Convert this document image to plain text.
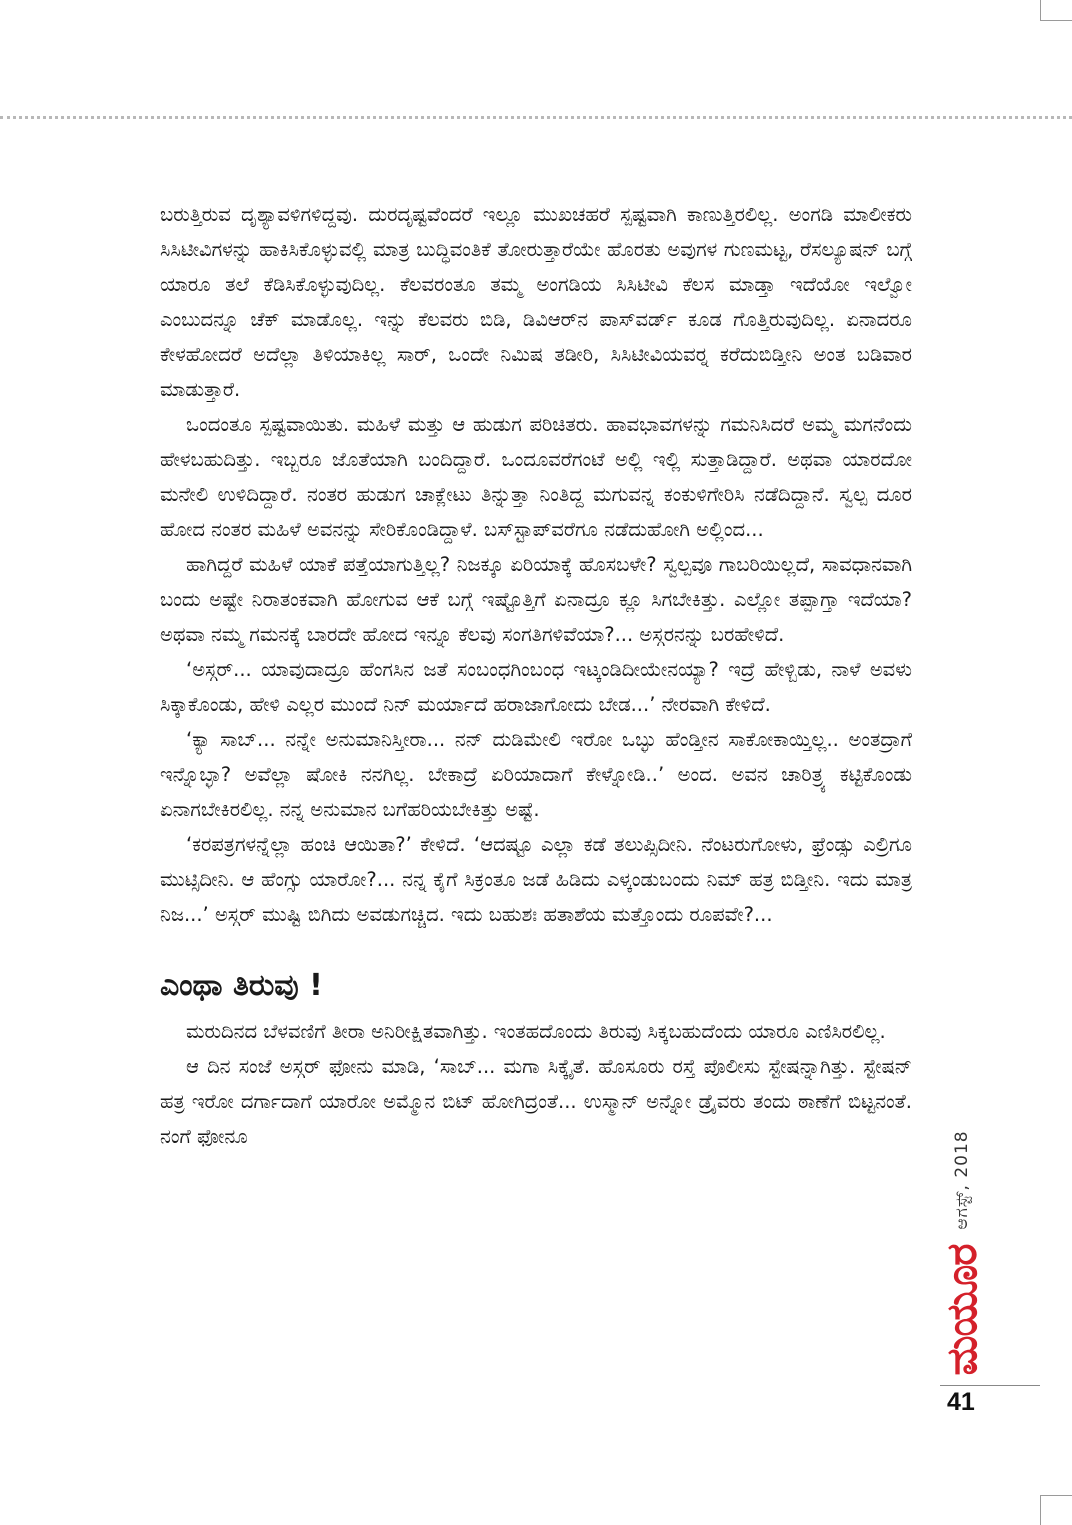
ಬರುತ್ತಿರುವ ದೃಶ್ಯಾವಳಿಗಳಿದ್ದವು. ದುರದೃಷ್ಟವೆಂದರೆ ಇಲ್ಲೂ ಮುಖಚಹರೆ ಸ್ಪಷ್ಟವಾಗಿ ಕಾಣುತ್ತಿರಲಿಲ್ಲ. ಅಂಗಡಿ ಮಾಲೀಕರು ಸಿಸಿಟೀವಿಗಳನ್ನು ಹಾಕಿಸಿಕೊಳ್ಳುವಲ್ಲಿ ಮಾತ್ರ ಬುದ್ಧಿವಂತಿಕೆ ತೋರುತ್ತಾರೆಯೇ ಹೊರತು ಅವುಗಳ ಗುಣಮಟ್ಟ, ರೆಸಲ್ಯೂಷನ್ ಬಗ್ಗೆ ಯಾರೂ ತಲೆ ಕೆಡಿಸಿಕೊಳ್ಳುವುದಿಲ್ಲ. ಕೆಲವರಂತೂ ತಮ್ಮ ಅಂಗಡಿಯ ಸಿಸಿಟೀವಿ ಕೆಲಸ ಮಾಡ್ತಾ ಇದೆಯೋ ಇಲ್ವೋ ಎಂಬುದನ್ನೂ ಚೆಕ್ ಮಾಡೊಲ್ಲ. ಇನ್ನು ಕೆಲವರು ಬಿಡಿ, ಡಿವಿಆರ್‌ನ ಪಾಸ್‌ವರ್ಡ್ ಕೂಡ ಗೊತ್ತಿರುವುದಿಲ್ಲ. ಏನಾದರೂ ಕೇಳಹೋದರೆ ಅದೆಲ್ಲಾ ತಿಳಿಯಾಕಿಲ್ಲ ಸಾರ್, ಒಂದೇ ನಿಮಿಷ ತಡೀರಿ, ಸಿಸಿಟೀವಿಯವರ್‍ನ ಕರೆದುಬಿಡ್ತೀನಿ ಅಂತ ಬಡಿವಾರ ಮಾಡುತ್ತಾರೆ.

ಒಂದಂತೂ ಸ್ಪಷ್ಟವಾಯಿತು. ಮಹಿಳೆ ಮತ್ತು ಆ ಹುಡುಗ ಪರಿಚಿತರು. ಹಾವಭಾವಗಳನ್ನು ಗಮನಿಸಿದರೆ ಅಮ್ಮ ಮಗನೆಂದು ಹೇಳಬಹುದಿತ್ತು. ಇಬ್ಬರೂ ಜೊತೆಯಾಗಿ ಬಂದಿದ್ದಾರೆ. ಒಂದೂವರೆಗಂಟೆ ಅಲ್ಲಿ ಇಲ್ಲಿ ಸುತ್ತಾಡಿದ್ದಾರೆ. ಅಥವಾ ಯಾರದೋ ಮನೇಲಿ ಉಳಿದಿದ್ದಾರೆ. ನಂತರ ಹುಡುಗ ಚಾಕ್ಲೇಟು ತಿನ್ನುತ್ತಾ ನಿಂತಿದ್ದ ಮಗುವನ್ನ ಕಂಕುಳಿಗೇರಿಸಿ ನಡೆದಿದ್ದಾನೆ. ಸ್ವಲ್ಪ ದೂರ ಹೋದ ನಂತರ ಮಹಿಳೆ ಅವನನ್ನು ಸೇರಿಕೊಂಡಿದ್ದಾಳೆ. ಬಸ್‌ಸ್ಟಾಪ್‌ವರೆಗೂ ನಡೆದುಹೋಗಿ ಅಲ್ಲಿಂದ...

ಹಾಗಿದ್ದರೆ ಮಹಿಳೆ ಯಾಕೆ ಪತ್ತೆಯಾಗುತ್ತಿಲ್ಲ? ನಿಜಕ್ಕೂ ಏರಿಯಾಕ್ಕೆ ಹೊಸಬಳೇ? ಸ್ವಲ್ಪವೂ ಗಾಬರಿಯಿಲ್ಲದೆ, ಸಾವಧಾನವಾಗಿ ಬಂದು ಅಷ್ಟೇ ನಿರಾತಂಕವಾಗಿ ಹೋಗುವ ಆಕೆ ಬಗ್ಗೆ ಇಷ್ಟೊತ್ತಿಗೆ ಏನಾದ್ರೂ ಕ್ಲೂ ಸಿಗಬೇಕಿತ್ತು. ಎಲ್ಲೋ ತಪ್ಪಾಗ್ತಾ ಇದೆಯಾ? ಅಥವಾ ನಮ್ಮ ಗಮನಕ್ಕೆ ಬಾರದೇ ಹೋದ ಇನ್ನೂ ಕೆಲವು ಸಂಗತಿಗಳಿವೆಯಾ?... ಅಸ್ಗರನನ್ನು ಬರಹೇಳಿದೆ.

‘ಅಸ್ಗರ್... ಯಾವುದಾದ್ರೂ ಹೆಂಗಸಿನ ಜತೆ ಸಂಬಂಧಗಿಂಬಂಧ ಇಟ್ಕಂಡಿದೀಯೇನಯ್ಯಾ? ಇದ್ರೆ ಹೇಳ್ಬಿಡು, ನಾಳೆ ಅವಳು ಸಿಕ್ಕಾಕೊಂಡು, ಹೇಳಿ ಎಲ್ಲರ ಮುಂದೆ ನಿನ್ ಮರ್ಯಾದೆ ಹರಾಜಾಗೋದು ಬೇಡ...’ ನೇರವಾಗಿ ಕೇಳಿದೆ.

‘ಕ್ಯಾ ಸಾಬ್... ನನ್ನೇ ಅನುಮಾನಿಸ್ತೀರಾ... ನನ್ ದುಡಿಮೇಲಿ ಇರೋ ಒಬ್ಳು ಹೆಂಡ್ತೀನ ಸಾಕೋಕಾಯ್ತಿಲ್ಲ.. ಅಂತದ್ರಾಗೆ ಇನ್ನೊಬ್ಳಾ? ಅವೆಲ್ಲಾ ಷೋಕಿ ನನಗಿಲ್ಲ. ಬೇಕಾದ್ರೆ ಏರಿಯಾದಾಗೆ ಕೇಳ್ನೋಡಿ..’ ಅಂದ. ಅವನ ಚಾರಿತ್ರ್ಯ ಕಟ್ಟಿಕೊಂಡು ಏನಾಗಬೇಕಿರಲಿಲ್ಲ. ನನ್ನ ಅನುಮಾನ ಬಗೆಹರಿಯಬೇಕಿತ್ತು ಅಷ್ಟೆ.

‘ಕರಪತ್ರಗಳನ್ನೆಲ್ಲಾ ಹಂಚಿ ಆಯಿತಾ?’ ಕೇಳಿದೆ. ‘ಆದಷ್ಟೂ ಎಲ್ಲಾ ಕಡೆ ತಲುಪ್ಸಿದೀನಿ. ನೆಂಟರುಗೋಳು, ಫ್ರೆಂಡ್ಸು ಎಲ್ರಿಗೂ ಮುಟ್ಸಿದೀನಿ. ಆ ಹೆಂಗ್ಸು ಯಾರೋ?... ನನ್ನ ಕೈಗೆ ಸಿಕ್ರಂತೂ ಜಡೆ ಹಿಡಿದು ಎಳ್ಕಂಡುಬಂದು ನಿಮ್ ಹತ್ರ ಬಿಡ್ತೀನಿ. ಇದು ಮಾತ್ರ ನಿಜ...’ ಅಸ್ಗರ್ ಮುಷ್ಟಿ ಬಿಗಿದು ಅವಡುಗಚ್ಚಿದ. ಇದು ಬಹುಶಃ ಹತಾಶೆಯ ಮತ್ತೊಂದು ರೂಪವೇ?...

ಎಂಥಾ ತಿರುವು !

ಮರುದಿನದ ಬೆಳವಣಿಗೆ ತೀರಾ ಅನಿರೀಕ್ಷಿತವಾಗಿತ್ತು. ಇಂತಹದೊಂದು ತಿರುವು ಸಿಕ್ಕಬಹುದೆಂದು ಯಾರೂ ಎಣಿಸಿರಲಿಲ್ಲ.

ಆ ದಿನ ಸಂಜೆ ಅಸ್ಗರ್ ಫೋನು ಮಾಡಿ, ‘ಸಾಬ್... ಮಗಾ ಸಿಕ್ಕೈತೆ. ಹೊಸೂರು ರಸ್ತೆ ಪೊಲೀಸು ಸ್ಟೇಷನ್ನಾಗಿತ್ತು. ಸ್ಟೇಷನ್ ಹತ್ರ ಇರೋ ದರ್ಗಾದಾಗೆ ಯಾರೋ ಅಮ್ಮೊನ ಬಿಟ್ ಹೋಗಿದ್ರಂತೆ... ಉಸ್ಮಾನ್ ಅನ್ನೋ ಡ್ರೈವರು ತಂದು ಠಾಣೆಗೆ ಬಿಟ್ಟನಂತೆ. ನಂಗೆ ಫೋನೂ	ಆಗಸ್ಟ್, 2018
ಮಯೂರ
41
